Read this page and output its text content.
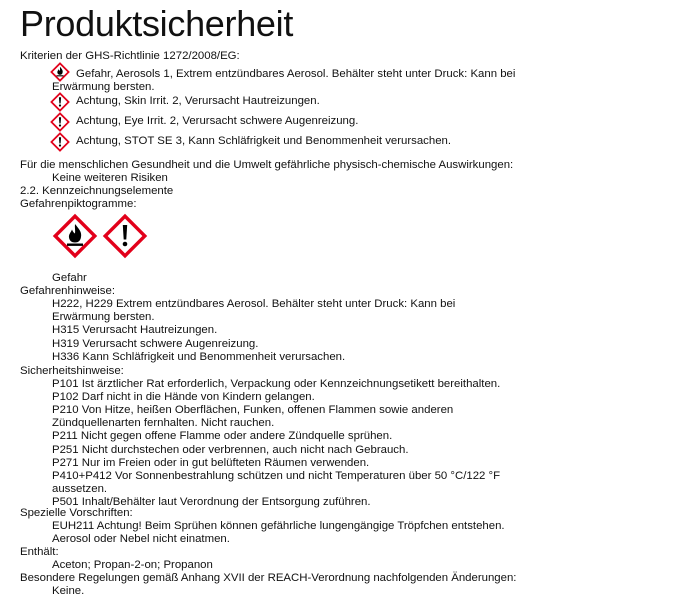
Produktsicherheit
Kriterien der GHS-Richtlinie 1272/2008/EG:
Gefahr, Aerosols 1, Extrem entzündbares Aerosol. Behälter steht unter Druck: Kann bei
Erwärmung bersten.
Achtung, Skin Irrit. 2, Verursacht Hautreizungen.
Achtung, Eye Irrit. 2, Verursacht schwere Augenreizung.
Achtung, STOT SE 3, Kann Schläfrigkeit und Benommenheit verursachen.
Für die menschlichen Gesundheit und die Umwelt gefährliche physisch-chemische Auswirkungen:
Keine weiteren Risiken
2.2. Kennzeichnungselemente
Gefahrenpiktogramme:
Gefahr
Gefahrenhinweise:
H222, H229 Extrem entzündbares Aerosol. Behälter steht unter Druck: Kann bei
Erwärmung bersten.
H315 Verursacht Hautreizungen.
H319 Verursacht schwere Augenreizung.
H336 Kann Schläfrigkeit und Benommenheit verursachen.
Sicherheitshinweise:
P101 Ist ärztlicher Rat erforderlich, Verpackung oder Kennzeichnungsetikett bereithalten.
P102 Darf nicht in die Hände von Kindern gelangen.
P210 Von Hitze, heißen Oberflächen, Funken, offenen Flammen sowie anderen
Zündquellenarten fernhalten. Nicht rauchen.
P211 Nicht gegen offene Flamme oder andere Zündquelle sprühen.
P251 Nicht durchstechen oder verbrennen, auch nicht nach Gebrauch.
P271 Nur im Freien oder in gut belüfteten Räumen verwenden.
P410+P412 Vor Sonnenbestrahlung schützen und nicht Temperaturen über 50 °C/122 °F
aussetzen.
P501 Inhalt/Behälter laut Verordnung der Entsorgung zuführen.
Spezielle Vorschriften:
EUH211 Achtung! Beim Sprühen können gefährliche lungengängige Tröpfchen entstehen.
Aerosol oder Nebel nicht einatmen.
Enthält:
Aceton; Propan-2-on; Propanon
Besondere Regelungen gemäß Anhang XVII der REACH-Verordnung nachfolgenden Änderungen:
Keine.
